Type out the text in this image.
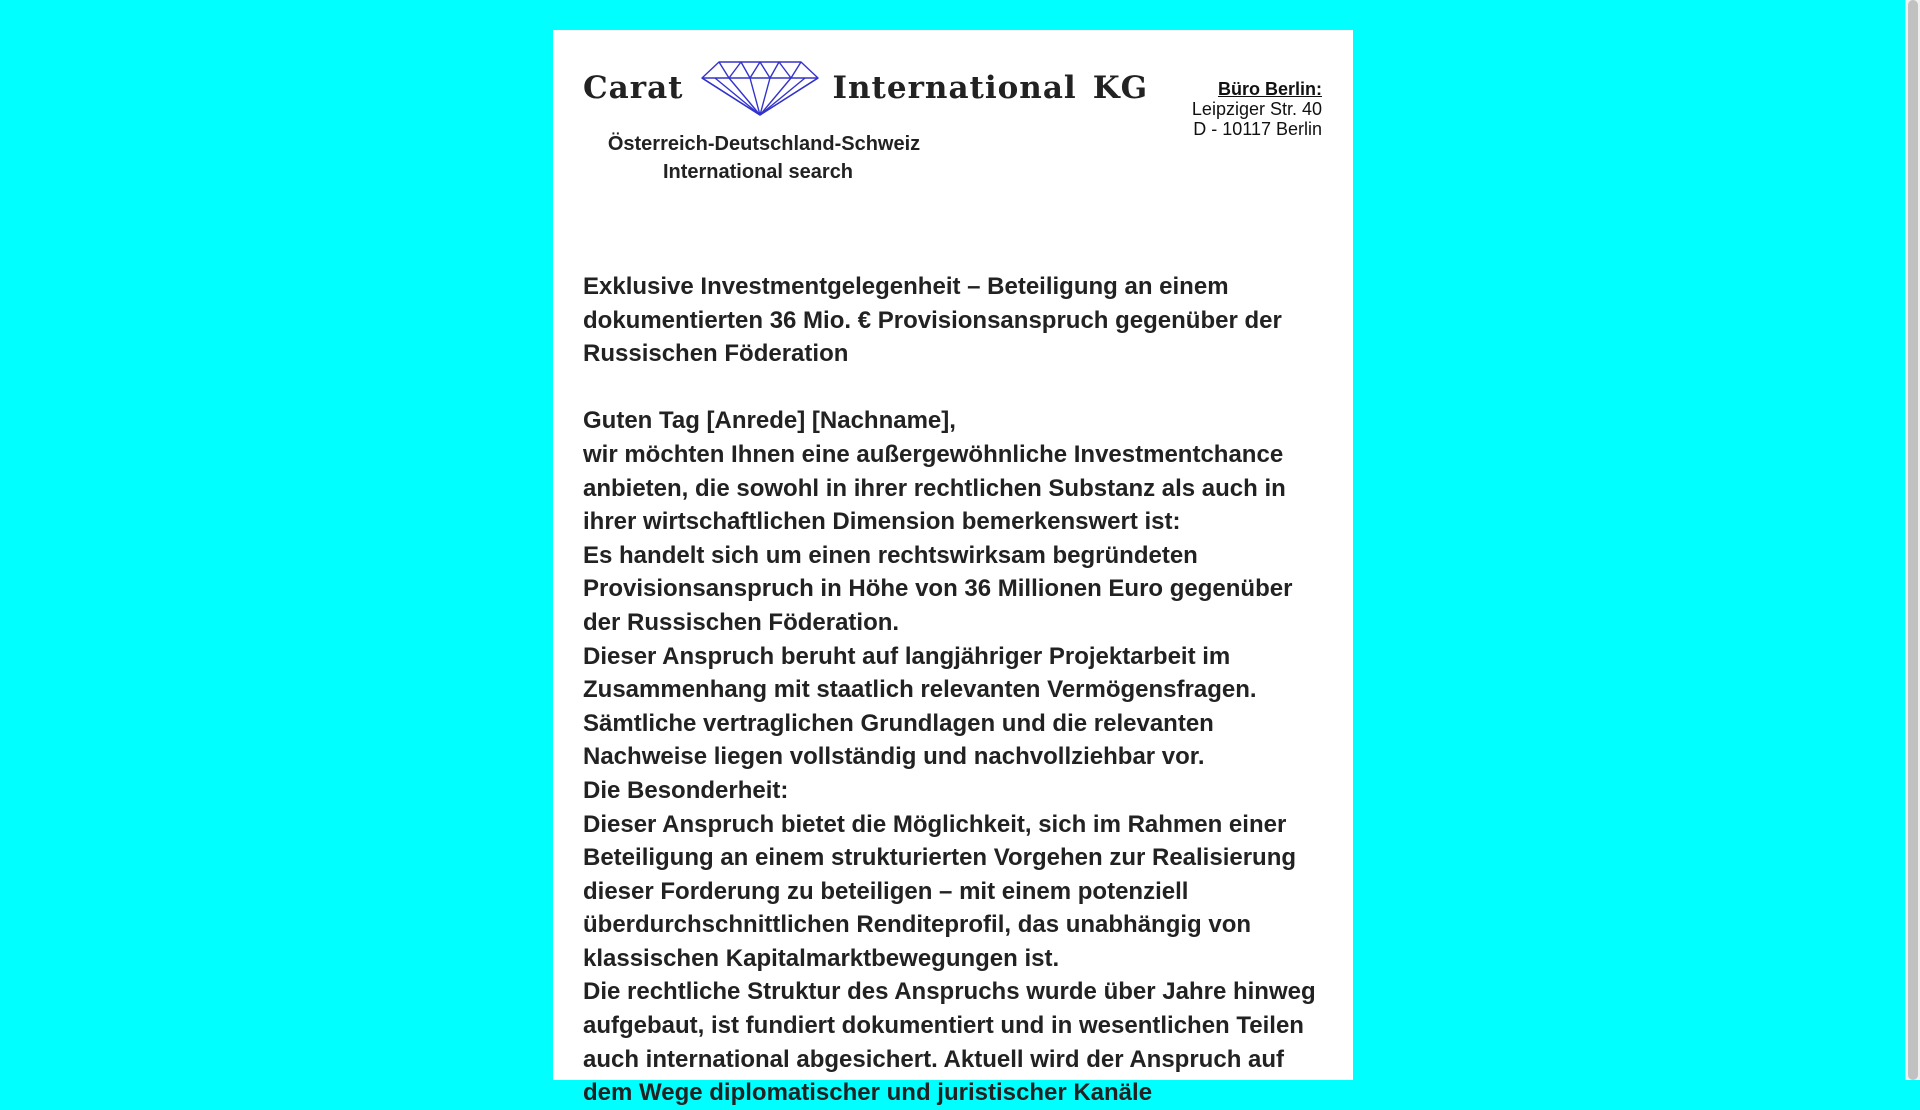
Carat	International KG
Österreich-Deutschland-Schweiz
International search
Büro Berlin:
Leipziger Str. 40
D - 10117 Berlin

Exklusive Investmentgelegenheit – Beteiligung an einem dokumentierten 36 Mio. € Provisionsanspruch gegenüber der Russischen Föderation

Guten Tag [Anrede] [Nachname],

wir möchten Ihnen eine außergewöhnliche Investmentchance anbieten, die sowohl in ihrer rechtlichen Substanz als auch in ihrer wirtschaftlichen Dimension bemerkenswert ist:

Es handelt sich um einen rechtswirksam begründeten Provisionsanspruch in Höhe von 36 Millionen Euro gegenüber der Russischen Föderation.

Dieser Anspruch beruht auf langjähriger Projektarbeit im Zusammenhang mit staatlich relevanten Vermögensfragen.

Sämtliche vertraglichen Grundlagen und die relevanten Nachweise liegen vollständig und nachvollziehbar vor.

Die Besonderheit:

Dieser Anspruch bietet die Möglichkeit, sich im Rahmen einer Beteiligung an einem strukturierten Vorgehen zur Realisierung dieser Forderung zu beteiligen – mit einem potenziell überdurchschnittlichen Renditeprofil, das unabhängig von klassischen Kapitalmarktbewegungen ist.

Die rechtliche Struktur des Anspruchs wurde über Jahre hinweg aufgebaut, ist fundiert dokumentiert und in wesentlichen Teilen auch international abgesichert. Aktuell wird der Anspruch auf dem Wege diplomatischer und juristischer Kanäle
